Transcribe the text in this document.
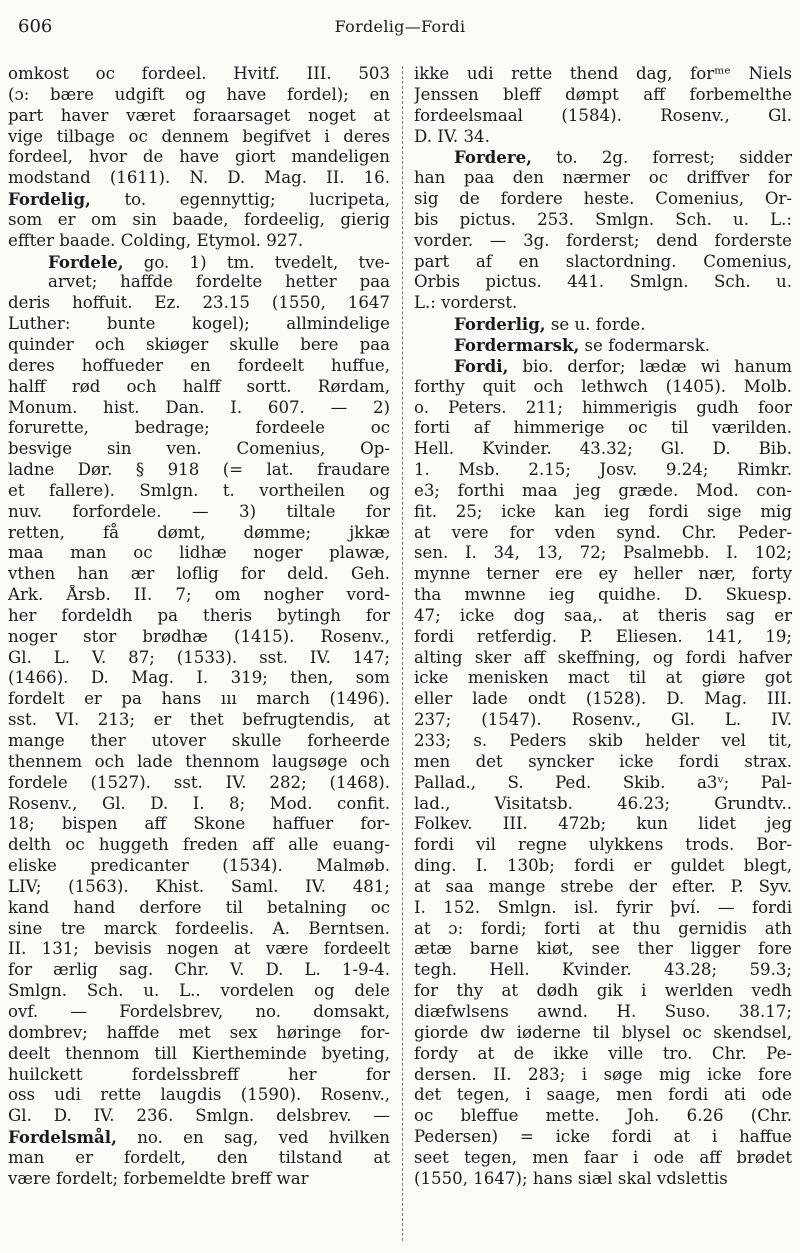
606	Fordelig—Fordi
omkost oc fordeel. Hvitf. III. 503
(ɔ: bære udgift og have fordel); en
part haver været foraarsaget noget at
vige tilbage oc dennem begifvet i deres
fordeel, hvor de have giort mandeligen
modstand (1611). N. D. Mag. II. 16.
Fordelig, to. egennyttig; lucripeta,
som er om sin baade, fordeelig, gierig
effter baade. Colding, Etymol. 927.
Fordele, go. 1) tm. tvedelt, tve-
arvet; haffde fordelte hetter paa
deris hoffuit. Ez. 23.15 (1550, 1647
Luther: bunte kogel); allmindelige
quinder och skiøger skulle bere paa
deres hoffueder en fordeelt huffue,
halff rød och halff sortt. Rørdam,
Monum. hist. Dan. I. 607. — 2)
forurette, bedrage; fordeele oc
besvige sin ven. Comenius, Op-
ladne Dør. § 918 (= lat. fraudare
et fallere). Smlgn. t. vortheilen og
nuv. forfordele. — 3) tiltale for
retten, få dømt, dømme; jkkæ
maa man oc lidhæ noger plawæ,
vthen han ær loflig for deld. Geh.
Ark. Årsb. II. 7; om nogher vord-
her fordeldh pa theris bytingh for
noger stor brødhæ (1415). Rosenv.,
Gl. L. V. 87; (1533). sst. IV. 147;
(1466). D. Mag. I. 319; then, som
fordelt er pa hans ııı march (1496).
sst. VI. 213; er thet befrugtendis, at
mange ther utover skulle forheerde
thennem och lade thennom laugsøge och
fordele (1527). sst. IV. 282; (1468).
Rosenv., Gl. D. I. 8; Mod. confit.
18; bispen aff Skone haffuer for-
delth oc huggeth freden aff alle euang-
eliske predicanter (1534). Malmøb.
LIV; (1563). Khist. Saml. IV. 481;
kand hand derfore til betalning oc
sine tre marck fordeelis. A. Berntsen.
II. 131; bevisis nogen at være fordeelt
for ærlig sag. Chr. V. D. L. 1-9-4.
Smlgn. Sch. u. L.. vordelen og dele
ovf. — Fordelsbrev, no. domsakt,
dombrev; haffde met sex høringe for-
deelt thennom till Kiertheminde byeting,
huilckett fordelssbreff her for
oss udi rette laugdis (1590). Rosenv.,
Gl. D. IV. 236. Smlgn. delsbrev. —
Fordelsmål, no. en sag, ved hvilken
man er fordelt, den tilstand at
være fordelt; forbemeldte breff war
ikke udi rette thend dag, forᵐᵉ Niels
Jenssen bleff dømpt aff forbemelthe
fordeelsmaal (1584). Rosenv., Gl.
D. IV. 34.
Fordere, to. 2g. forrest; sidder
han paa den nærmer oc driffver for
sig de fordere heste. Comenius, Or-
bis pictus. 253. Smlgn. Sch. u. L.:
vorder. — 3g. forderst; dend forderste
part af en slactordning. Comenius,
Orbis pictus. 441. Smlgn. Sch. u.
L.: vorderst.
Forderlig, se u. forde.
Fordermarsk, se fodermarsk.
Fordi, bio. derfor; lædæ wi hanum
forthy quit och lethwch (1405). Molb.
o. Peters. 211; himmerigis gudh foor
forti af himmerige oc til værilden.
Hell. Kvinder. 43.32; Gl. D. Bib.
1. Msb. 2.15; Josv. 9.24; Rimkr.
e3; forthi maa jeg græde. Mod. con-
fit. 25; icke kan ieg fordi sige mig
at vere for vden synd. Chr. Peder-
sen. I. 34, 13, 72; Psalmebb. I. 102;
mynne terner ere ey heller nær, forty
tha mwnne ieg quidhe. D. Skuesp.
47; icke dog saa,. at theris sag er
fordi retferdig. P. Eliesen. 141, 19;
alting sker aff skeffning, og fordi hafver
icke menisken mact til at giøre got
eller lade ondt (1528). D. Mag. III.
237; (1547). Rosenv., Gl. L. IV.
233; s. Peders skib helder vel tit,
men det syncker icke fordi strax.
Pallad., S. Ped. Skib. a3ᵛ; Pal-
lad., Visitatsb. 46.23; Grundtv..
Folkev. III. 472b; kun lidet jeg
fordi vil regne ulykkens trods. Bor-
ding. I. 130b; fordi er guldet blegt,
at saa mange strebe der efter. P. Syv.
I. 152. Smlgn. isl. fyrir því. — fordi
at ɔ: fordi; forti at thu gernidis ath
ætæ barne kiøt, see ther ligger fore
tegh. Hell. Kvinder. 43.28; 59.3;
for thy at dødh gik i werlden vedh
diæfwlsens awnd. H. Suso. 38.17;
giorde dw iøderne til blysel oc skendsel,
fordy at de ikke ville tro. Chr. Pe-
dersen. II. 283; i søge mig icke fore
det tegen, i saage, men fordi ati ode
oc bleffue mette. Joh. 6.26 (Chr.
Pedersen) = icke fordi at i haffue
seet tegen, men faar i ode aff brødet
(1550, 1647); hans siæl skal vdslettis
